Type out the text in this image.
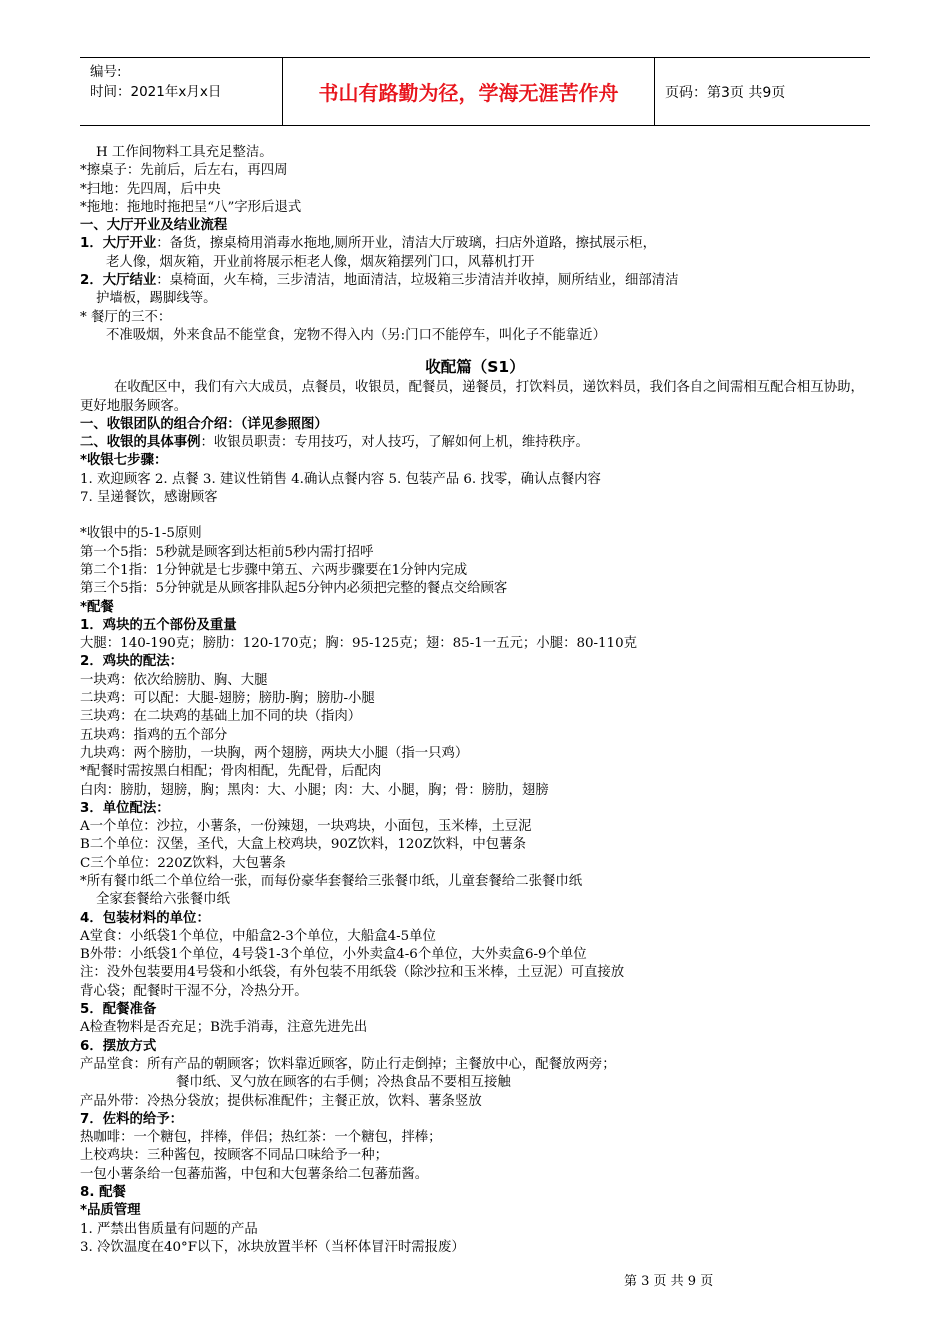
编号:
时间：2021年x月x日	书山有路勤为径，学海无涯苦作舟	页码：第3页 共9页
H 工作间物料工具充足整洁。
*擦桌子：先前后，后左右，再四周
*扫地：先四周，后中央
*拖地：拖地时拖把呈“八”字形后退式
一、大厅开业及结业流程
1．大厅开业：备货，擦桌椅用消毒水拖地,厕所开业，清洁大厅玻璃，扫店外道路，擦拭展示柜，
老人像，烟灰箱，开业前将展示柜老人像，烟灰箱摆列门口，风幕机打开
2．大厅结业：桌椅面，火车椅，三步清洁，地面清洁，垃圾箱三步清洁并收掉，厕所结业，细部清洁
护墙板，踢脚线等。
* 餐厅的三不：
不准吸烟，外来食品不能堂食，宠物不得入内（另:门口不能停车，叫化子不能靠近）
收配篇（S1）
在收配区中，我们有六大成员，点餐员，收银员，配餐员，递餐员，打饮料员，递饮料员，我们各自之间需相互配合相互协助，更好地服务顾客。
一、收银团队的组合介绍：（详见参照图）
二、收银的具体事例：收银员职责：专用技巧，对人技巧，了解如何上机，维持秩序。
*收银七步骤：
1. 欢迎顾客 2. 点餐 3. 建议性销售 4.确认点餐内容 5. 包装产品 6. 找零，确认点餐内容
7. 呈递餐饮，感谢顾客
*收银中的5-1-5原则
第一个5指：5秒就是顾客到达柜前5秒内需打招呼
第二个1指：1分钟就是七步骤中第五、六两步骤要在1分钟内完成
第三个5指：5分钟就是从顾客排队起5分钟内必须把完整的餐点交给顾客
*配餐
1．鸡块的五个部份及重量
大腿：140-190克；膀肋：120-170克；胸：95-125克；翅：85-1一五元；小腿：80-110克
2．鸡块的配法：
一块鸡：依次给膀肋、胸、大腿
二块鸡：可以配：大腿-翅膀；膀肋-胸；膀肋-小腿
三块鸡：在二块鸡的基础上加不同的块（指肉）
五块鸡：指鸡的五个部分
九块鸡：两个膀肋，一块胸，两个翅膀，两块大小腿（指一只鸡）
*配餐时需按黑白相配；骨肉相配，先配骨，后配肉
白肉：膀肋，翅膀，胸；黑肉：大、小腿；肉：大、小腿，胸；骨：膀肋，翅膀
3．单位配法：
A一个单位：沙拉，小薯条，一份辣翅，一块鸡块，小面包，玉米棒，土豆泥
B二个单位：汉堡，圣代，大盒上校鸡块，90Z饮料，120Z饮料，中包薯条
C三个单位：220Z饮料，大包薯条
*所有餐巾纸二个单位给一张，而每份豪华套餐给三张餐巾纸，儿童套餐给二张餐巾纸
全家套餐给六张餐巾纸
4．包装材料的单位：
A堂食：小纸袋1个单位，中船盒2-3个单位，大船盒4-5单位
B外带：小纸袋1个单位，4号袋1-3个单位，小外卖盒4-6个单位，大外卖盒6-9个单位
注：没外包装要用4号袋和小纸袋，有外包装不用纸袋（除沙拉和玉米棒，土豆泥）可直接放
背心袋；配餐时干湿不分，冷热分开。
5．配餐准备
A检查物料是否充足；B洗手消毒，注意先进先出
6．摆放方式
产品堂食：所有产品的朝顾客；饮料靠近顾客，防止行走倒掉；主餐放中心，配餐放两旁；
餐巾纸、叉勺放在顾客的右手侧；冷热食品不要相互接触
产品外带：冷热分袋放；提供标准配件；主餐正放，饮料、薯条竖放
7．佐料的给予：
热咖啡：一个糖包，拌棒，伴侣；热红茶：一个糖包，拌棒；
上校鸡块：三种酱包，按顾客不同品口味给予一种；
一包小薯条给一包蕃茄酱，中包和大包薯条给二包蕃茄酱。
8. 配餐
*品质管理
1. 严禁出售质量有问题的产品
3. 冷饮温度在40°F以下，冰块放置半杯（当杯体冒汗时需报废）
第 3 页 共 9 页
